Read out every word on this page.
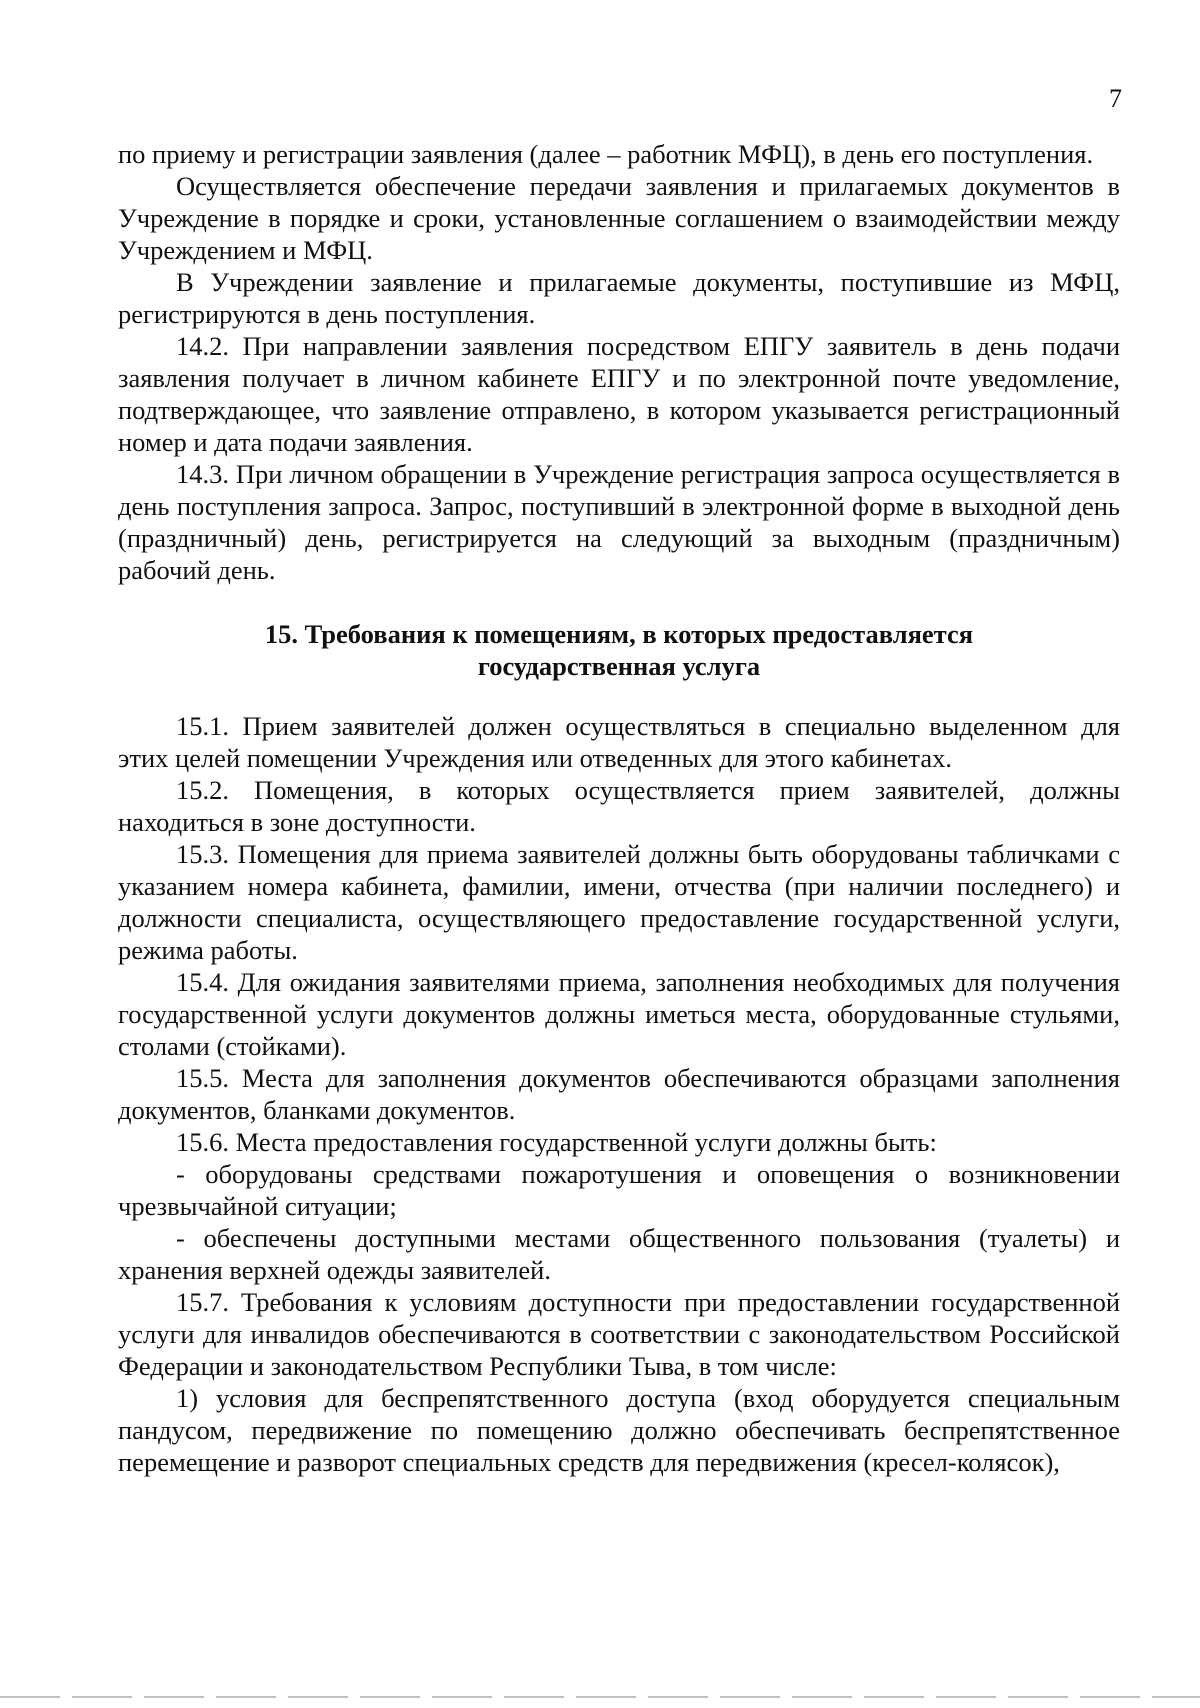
7

по приему и регистрации заявления (далее – работник МФЦ), в день его поступления.

Осуществляется обеспечение передачи заявления и прилагаемых документов в Учреждение в порядке и сроки, установленные соглашением о взаимодействии между Учреждением и МФЦ.

В Учреждении заявление и прилагаемые документы, поступившие из МФЦ, регистрируются в день поступления.

14.2. При направлении заявления посредством ЕПГУ заявитель в день подачи заявления получает в личном кабинете ЕПГУ и по электронной почте уведомление, подтверждающее, что заявление отправлено, в котором указывается регистрационный номер и дата подачи заявления.

14.3. При личном обращении в Учреждение регистрация запроса осуществляется в день поступления запроса. Запрос, поступивший в электронной форме в выходной день (праздничный) день, регистрируется на следующий за выходным (праздничным) рабочий день.

15. Требования к помещениям, в которых предоставляется
государственная услуга

15.1. Прием заявителей должен осуществляться в специально выделенном для этих целей помещении Учреждения или отведенных для этого кабинетах.

15.2. Помещения, в которых осуществляется прием заявителей, должны находиться в зоне доступности.

15.3. Помещения для приема заявителей должны быть оборудованы табличками с указанием номера кабинета, фамилии, имени, отчества (при наличии последнего) и должности специалиста, осуществляющего предоставление государственной услуги, режима работы.

15.4. Для ожидания заявителями приема, заполнения необходимых для получения государственной услуги документов должны иметься места, оборудованные стульями, столами (стойками).

15.5. Места для заполнения документов обеспечиваются образцами заполнения документов, бланками документов.

15.6. Места предоставления государственной услуги должны быть:

- оборудованы средствами пожаротушения и оповещения о возникновении чрезвычайной ситуации;

- обеспечены доступными местами общественного пользования (туалеты) и хранения верхней одежды заявителей.

15.7. Требования к условиям доступности при предоставлении государственной услуги для инвалидов обеспечиваются в соответствии с законодательством Российской Федерации и законодательством Республики Тыва, в том числе:

1) условия для беспрепятственного доступа (вход оборудуется специальным пандусом, передвижение по помещению должно обеспечивать беспрепятственное перемещение и разворот специальных средств для передвижения (кресел-колясок),
